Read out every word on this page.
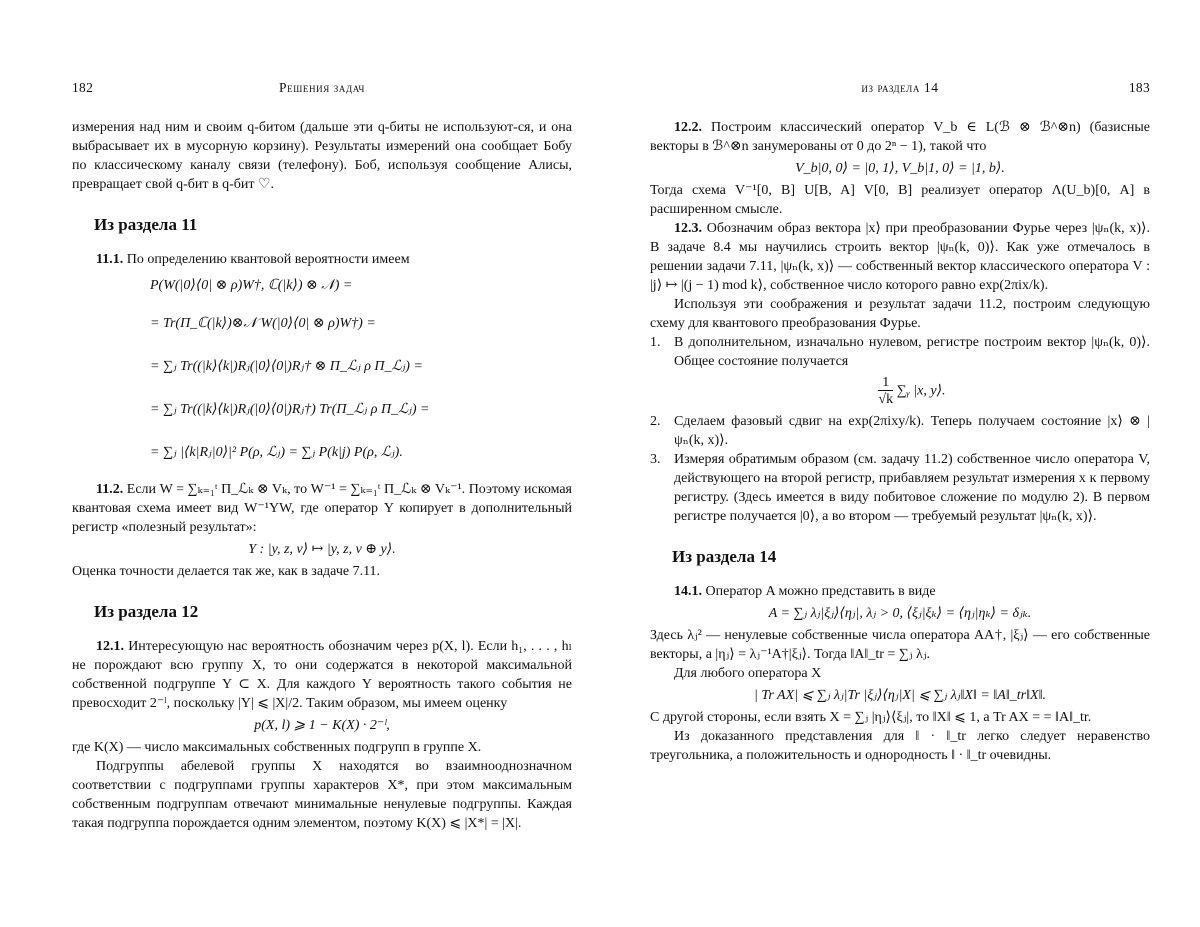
182	Решения задач

измерения над ним и своим q-битом (дальше эти q-биты не используют-ся, и она выбрасывает их в мусорную корзину). Результаты измерений она сообщает Бобу по классическому каналу связи (телефону). Боб, используя сообщение Алисы, превращает свой q-бит в q-бит ♡.

Из раздела 11

11.1. По определению квантовой вероятности имеем

P(W(|0⟩⟨0| ⊗ ρ)W†, ℂ(|k⟩) ⊗ 𝒩) =
= Tr(Π_ℂ(|k⟩)⊗𝒩 W(|0⟩⟨0| ⊗ ρ)W†) =
= ∑ⱼ Tr((|k⟩⟨k|)Rⱼ(|0⟩⟨0|)Rⱼ† ⊗ Π_ℒⱼ ρ Π_ℒⱼ) =
= ∑ⱼ Tr((|k⟩⟨k|)Rⱼ(|0⟩⟨0|)Rⱼ†) Tr(Π_ℒⱼ ρ Π_ℒⱼ) =
= ∑ⱼ |⟨k|Rⱼ|0⟩|² P(ρ, ℒⱼ) = ∑ⱼ P(k|j) P(ρ, ℒⱼ).

11.2. Если W = ∑ₖ₌₁ᵗ Π_ℒₖ ⊗ Vₖ, то W⁻¹ = ∑ₖ₌₁ᵗ Π_ℒₖ ⊗ Vₖ⁻¹. Поэтому искомая квантовая схема имеет вид W⁻¹YW, где оператор Y копирует в дополнительный регистр «полезный результат»:

Y : |y, z, v⟩ ↦ |y, z, v ⊕ y⟩.

Оценка точности делается так же, как в задаче 7.11.

Из раздела 12

12.1. Интересующую нас вероятность обозначим через p(X, l). Если h₁, . . . , hₗ не порождают всю группу X, то они содержатся в некоторой максимальной собственной подгруппе Y ⊂ X. Для каждого Y вероятность такого события не превосходит 2⁻ˡ, поскольку |Y| ⩽ |X|/2. Таким образом, мы имеем оценку

p(X, l) ⩾ 1 − K(X) · 2⁻ˡ,

где K(X) — число максимальных собственных подгрупп в группе X.

Подгруппы абелевой группы X находятся во взаимнооднозначном соответствии с подгруппами группы характеров X*, при этом максимальным собственным подгруппам отвечают минимальные ненулевые подгруппы. Каждая такая подгруппа порождается одним элементом, поэтому K(X) ⩽ |X*| = |X|.

из раздела 14	183

12.2. Построим классический оператор V_b ∈ L(ℬ ⊗ ℬ^⊗n) (базисные векторы в ℬ^⊗n занумерованы от 0 до 2ⁿ − 1), такой что

V_b|0, 0⟩ = |0, 1⟩, V_b|1, 0⟩ = |1, b⟩.

Тогда схема V⁻¹[0, B] U[B, A] V[0, B] реализует оператор Λ(U_b)[0, A] в расширенном смысле.

12.3. Обозначим образ вектора |x⟩ при преобразовании Фурье через |ψₙ(k, x)⟩. В задаче 8.4 мы научились строить вектор |ψₙ(k, 0)⟩. Как уже отмечалось в решении задачи 7.11, |ψₙ(k, x)⟩ — собственный вектор классического оператора V : |j⟩ ↦ |(j − 1) mod k⟩, собственное число которого равно exp(2πix/k).

Используя эти соображения и результат задачи 11.2, построим следующую схему для квантового преобразования Фурье.

1. В дополнительном, изначально нулевом, регистре построим вектор |ψₙ(k, 0)⟩. Общее состояние получается
$\frac{1}{√k}$ ∑ᵧ |x, y⟩.
2. Сделаем фазовый сдвиг на exp(2πixy/k). Теперь получаем состояние |x⟩ ⊗ |ψₙ(k, x)⟩.
3. Измеряя обратимым образом (см. задачу 11.2) собственное число оператора V, действующего на второй регистр, прибавляем результат измерения x к первому регистру. (Здесь имеется в виду побитовое сложение по модулю 2). В первом регистре получается |0⟩, а во втором — требуемый результат |ψₙ(k, x)⟩.
Из раздела 14

14.1. Оператор A можно представить в виде

A = ∑ⱼ λⱼ|ξⱼ⟩⟨ηⱼ|, λⱼ > 0, ⟨ξⱼ|ξₖ⟩ = ⟨ηⱼ|ηₖ⟩ = δⱼₖ.

Здесь λⱼ² — ненулевые собственные числа оператора AA†, |ξⱼ⟩ — его собственные векторы, а |ηⱼ⟩ = λⱼ⁻¹A†|ξⱼ⟩. Тогда ‖A‖_tr = ∑ⱼ λⱼ.

Для любого оператора X

| Tr AX| ⩽ ∑ⱼ λⱼ|Tr |ξⱼ⟩⟨ηⱼ|X| ⩽ ∑ⱼ λⱼ‖X‖ = ‖A‖_tr‖X‖.

С другой стороны, если взять X = ∑ⱼ |ηⱼ⟩⟨ξⱼ|, то ‖X‖ ⩽ 1, а Tr AX = = ‖A‖_tr.

Из доказанного представления для ‖ · ‖_tr легко следует неравенство треугольника, а положительность и однородность ‖ · ‖_tr очевидны.
